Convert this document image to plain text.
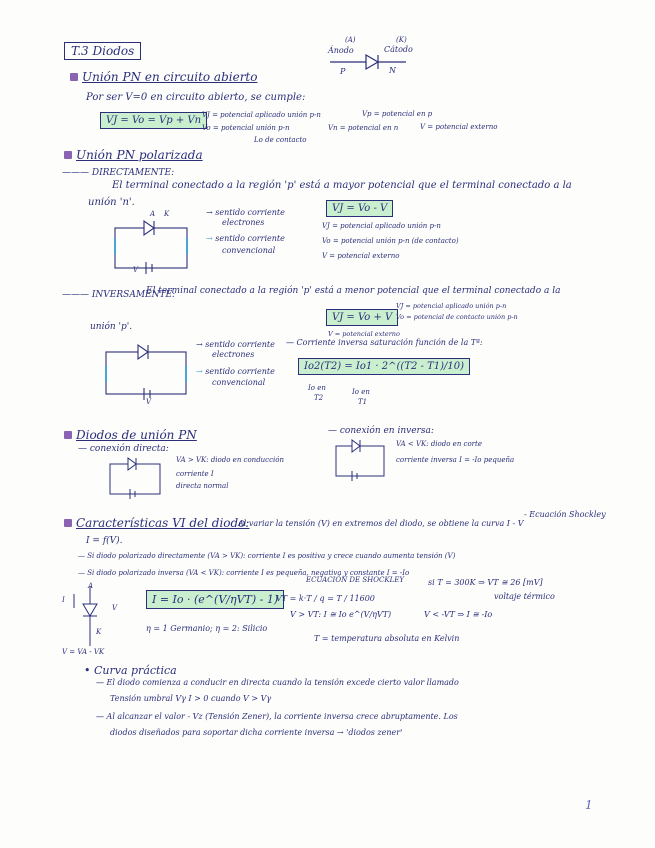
T.3 Diodos
(A)	(K)
Ánodo	Cátodo
P	N
Unión PN en circuito abierto
Por ser V=0 en circuito abierto, se cumple:
VJ = Vo = Vp + Vn VJ = potencial aplicado unión p-n	Vp = potencial en p
Vo = potencial unión p-n
Lo de contacto
Vn = potencial en n	V = potencial externo
Unión PN polarizada
——— DIRECTAMENTE:
El terminal conectado a la región 'p' está a mayor potencial que el terminal conectado a la
unión 'n'.
A K
V
→ sentido corriente
electrones
→ sentido corriente
convencional
VJ = Vo - V
VJ = potencial aplicado unión p-n
Vo = potencial unión p-n (de contacto)
V = potencial externo
——— INVERSAMENTE:
El terminal conectado a la región 'p' está a menor potencial que el terminal conectado a la
unión 'p'.
VJ = Vo + V
VJ = potencial aplicado unión p-n
Vo = potencial de contacto unión p-n
V = potencial externo
V
→ sentido corriente
electrones
→ sentido corriente
convencional
— Corriente inversa saturación función de la Tª:
Io2(T2) = Io1 · 2^((T2 - T1)/10)
Io en
T2
Io en
T1
Diodos de unión PN
— conexión directa:
VA > VK: diodo en conducción
corriente I
directa normal
— conexión en inversa:
VA < VK: diodo en corte
corriente inversa I = -Io pequeña
Características VI del diodo:
Al variar la tensión (V) en extremos del diodo, se obtiene la curva I - V
- Ecuación Shockley
I = f(V).
— Si diodo polarizado directamente (VA > VK): corriente I es positiva y crece cuando aumenta tensión (V)
— Si diodo polarizado inversa (VA < VK): corriente I es pequeña, negativa y constante I = -Io
I
V
A
K
V = VA - VK
I = Io · (e^(V/ηVT) - 1)
ECUACIÓN DE SHOCKLEY
VT = k·T / q = T / 11600
si T = 300K ⇒ VT ≅ 26 [mV]
voltaje térmico
η = 1 Germanio; η = 2: Silicio
V > VT: I ≅ Io e^(V/ηVT)	V < -VT ⇒ I ≅ -Io
T = temperatura absoluta en Kelvin
• Curva práctica
— El diodo comienza a conducir en directa cuando la tensión excede cierto valor llamado
Tensión umbral Vγ I > 0 cuando V > Vγ
— Al alcanzar el valor - Vz (Tensión Zener), la corriente inversa crece abruptamente. Los
diodos diseñados para soportar dicha corriente inversa → 'diodos zener'
1
